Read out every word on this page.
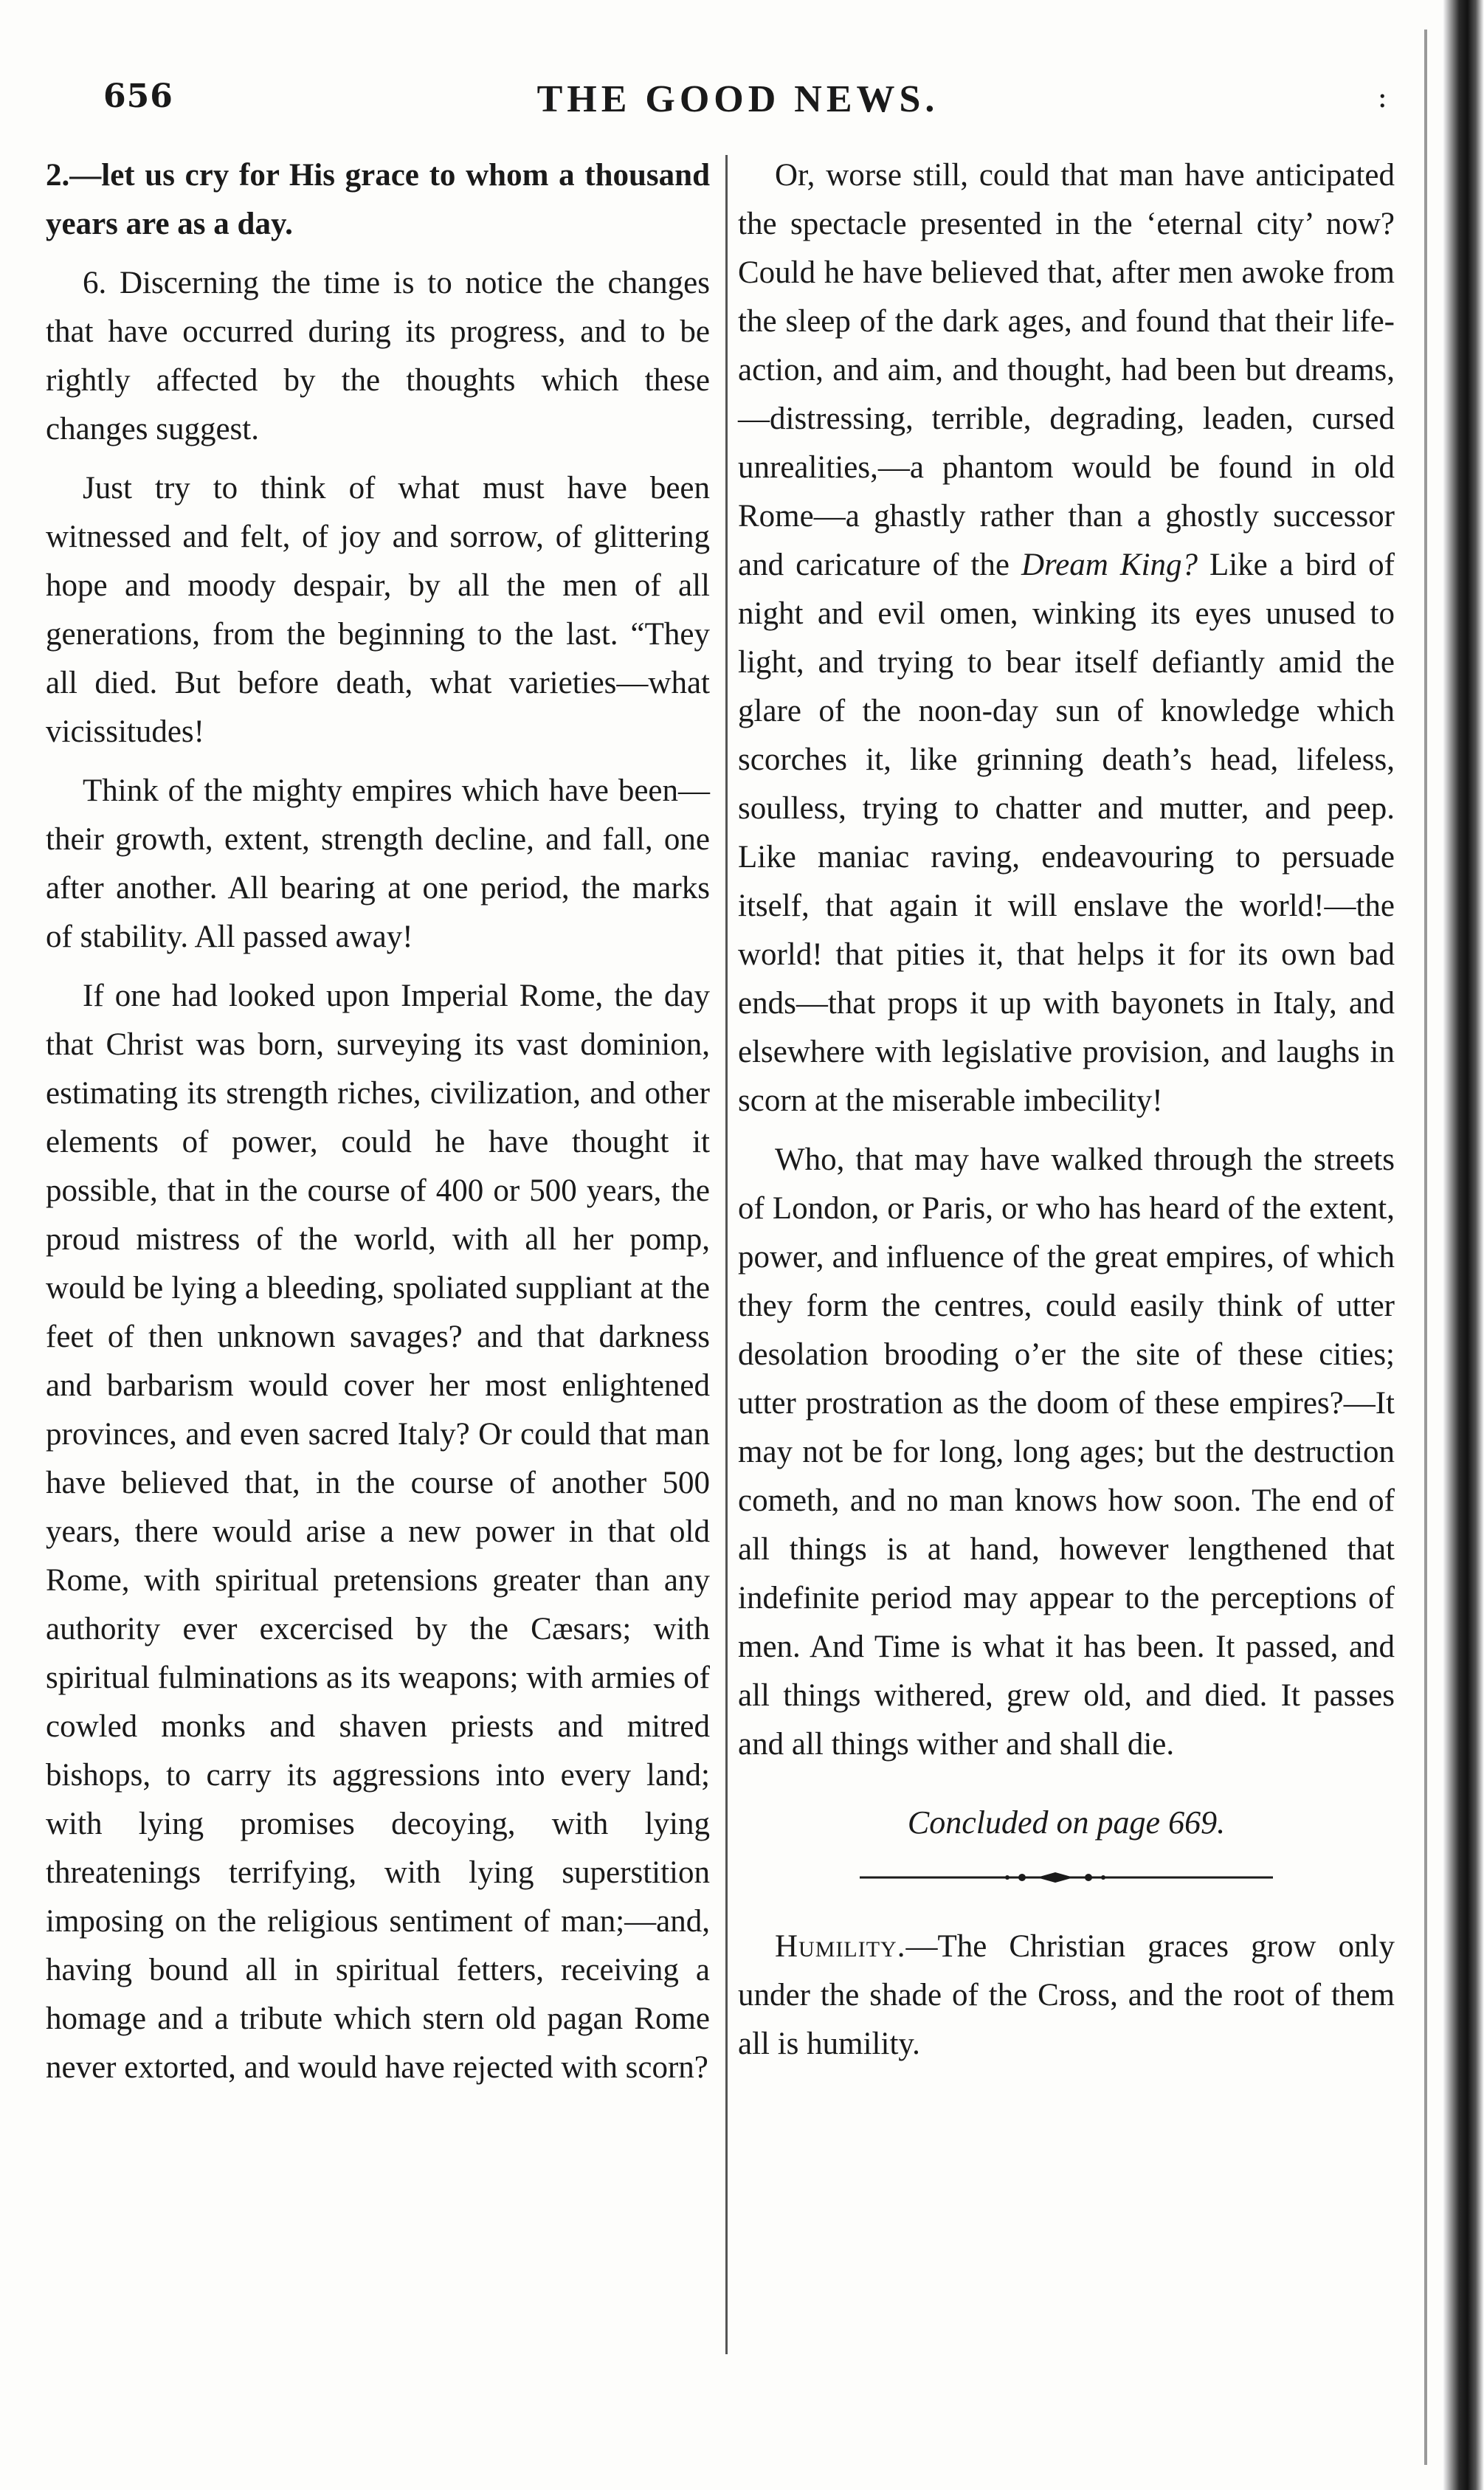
656	THE GOOD NEWS.	:

2.—let us cry for His grace to whom a thousand years are as a day.

6. Discerning the time is to notice the changes that have occurred during its progress, and to be rightly affected by the thoughts which these changes suggest.

Just try to think of what must have been witnessed and felt, of joy and sorrow, of glittering hope and moody despair, by all the men of all generations, from the beginning to the last. “They all died. But before death, what varieties—what vicissitudes!

Think of the mighty empires which have been—their growth, extent, strength decline, and fall, one after another. All bearing at one period, the marks of stability. All passed away!

If one had looked upon Imperial Rome, the day that Christ was born, surveying its vast dominion, estimating its strength riches, civilization, and other elements of power, could he have thought it possible, that in the course of 400 or 500 years, the proud mistress of the world, with all her pomp, would be lying a bleeding, spoliated suppliant at the feet of then unknown savages? and that darkness and barbarism would cover her most enlightened provinces, and even sacred Italy? Or could that man have believed that, in the course of another 500 years, there would arise a new power in that old Rome, with spiritual pretensions greater than any authority ever excercised by the Cæsars; with spiritual fulminations as its weapons; with armies of cowled monks and shaven priests and mitred bishops, to carry its aggressions into every land; with lying promises decoying, with lying threatenings terrifying, with lying superstition imposing on the religious sentiment of man;—and, having bound all in spiritual fetters, receiving a homage and a tribute which stern old pagan Rome never extorted, and would have rejected with scorn?

Or, worse still, could that man have anticipated the spectacle presented in the ‘eternal city’ now? Could he have believed that, after men awoke from the sleep of the dark ages, and found that their life-action, and aim, and thought, had been but dreams,—distressing, terrible, degrading, leaden, cursed unrealities,—a phantom would be found in old Rome—a ghastly rather than a ghostly successor and caricature of the Dream King? Like a bird of night and evil omen, winking its eyes unused to light, and trying to bear itself defiantly amid the glare of the noon-day sun of knowledge which scorches it, like grinning death’s head, lifeless, soulless, trying to chatter and mutter, and peep. Like maniac raving, endeavouring to persuade itself, that again it will enslave the world!—the world! that pities it, that helps it for its own bad ends—that props it up with bayonets in Italy, and elsewhere with legislative provision, and laughs in scorn at the miserable imbecility!

Who, that may have walked through the streets of London, or Paris, or who has heard of the extent, power, and influence of the great empires, of which they form the centres, could easily think of utter desolation brooding o’er the site of these cities; utter prostration as the doom of these empires?—It may not be for long, long ages; but the destruction cometh, and no man knows how soon. The end of all things is at hand, however lengthened that indefinite period may appear to the perceptions of men. And Time is what it has been. It passed, and all things withered, grew old, and died. It passes and all things wither and shall die.

Concluded on page 669.

Humility.—The Christian graces grow only under the shade of the Cross, and the root of them all is humility.
